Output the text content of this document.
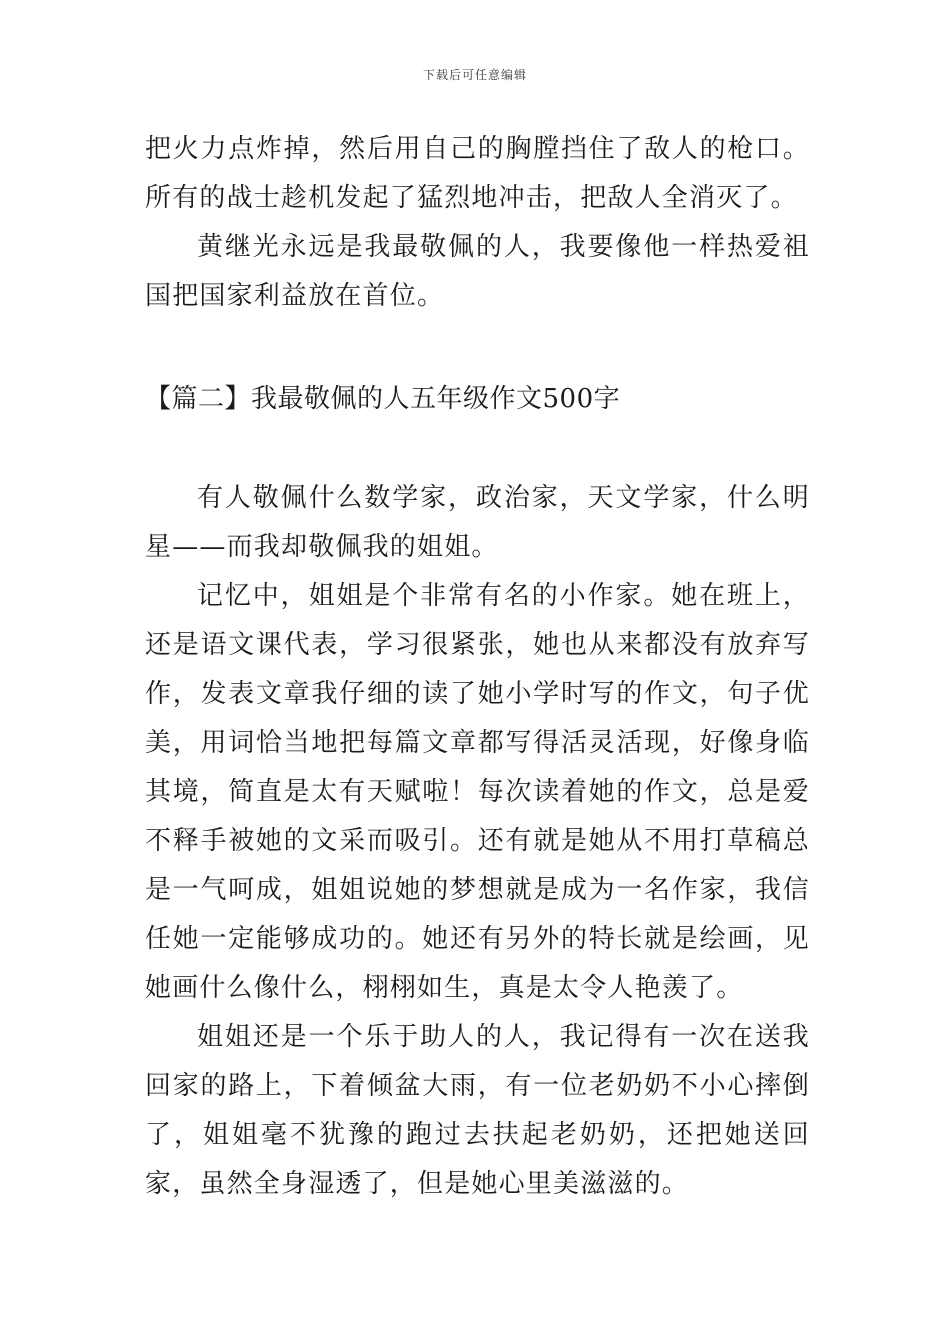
下载后可任意编辑

把火力点炸掉，然后用自己的胸膛挡住了敌人的枪口。所有的战士趁机发起了猛烈地冲击，把敌人全消灭了。

黄继光永远是我最敬佩的人，我要像他一样热爱祖国把国家利益放在首位。

【篇二】我最敬佩的人五年级作文500字

有人敬佩什么数学家，政治家，天文学家，什么明星——而我却敬佩我的姐姐。

记忆中，姐姐是个非常有名的小作家。她在班上，还是语文课代表，学习很紧张，她也从来都没有放弃写作，发表文章我仔细的读了她小学时写的作文，句子优美，用词恰当地把每篇文章都写得活灵活现，好像身临其境，简直是太有天赋啦！每次读着她的作文，总是爱不释手被她的文采而吸引。还有就是她从不用打草稿总是一气呵成，姐姐说她的梦想就是成为一名作家，我信任她一定能够成功的。她还有另外的特长就是绘画，见她画什么像什么，栩栩如生，真是太令人艳羡了。

姐姐还是一个乐于助人的人，我记得有一次在送我回家的路上，下着倾盆大雨，有一位老奶奶不小心摔倒了，姐姐毫不犹豫的跑过去扶起老奶奶，还把她送回家，虽然全身湿透了，但是她心里美滋滋的。
